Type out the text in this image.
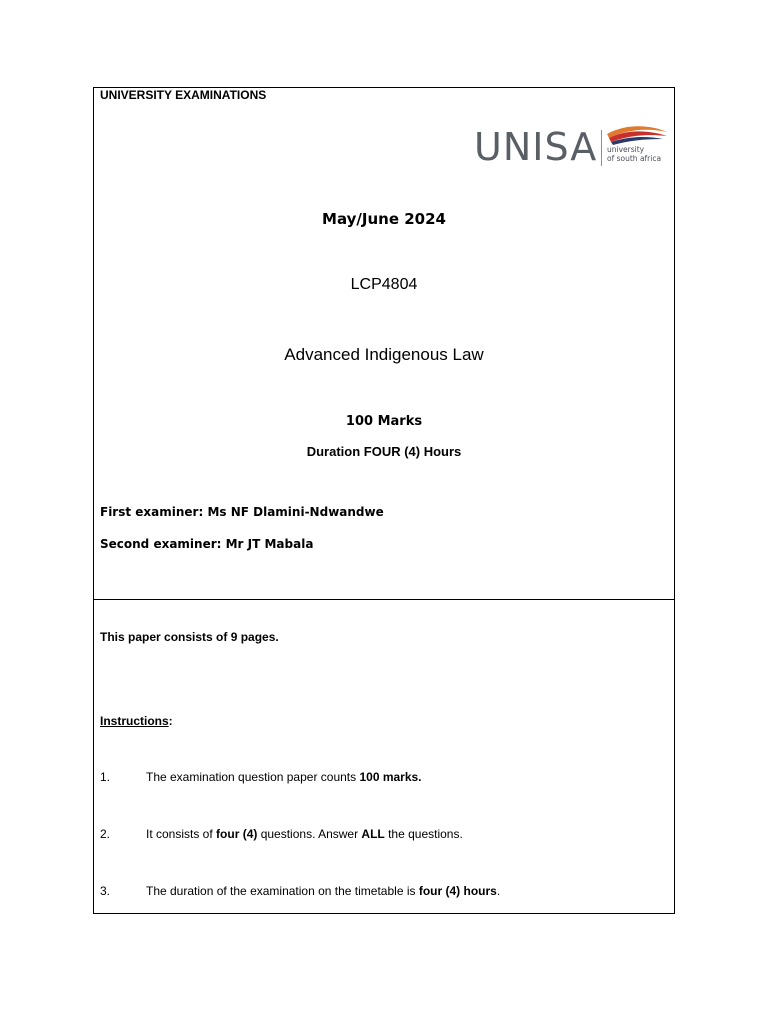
UNIVERSITY EXAMINATIONS
UNISA university
of south africa
May/June 2024
LCP4804
Advanced Indigenous Law
100 Marks
Duration FOUR (4) Hours
First examiner: Ms NF Dlamini-Ndwandwe
Second examiner: Mr JT Mabala
This paper consists of 9 pages.
Instructions:
1.	The examination question paper counts 100 marks.
2.	It consists of four (4) questions. Answer ALL the questions.
3.	The duration of the examination on the timetable is four (4) hours.
